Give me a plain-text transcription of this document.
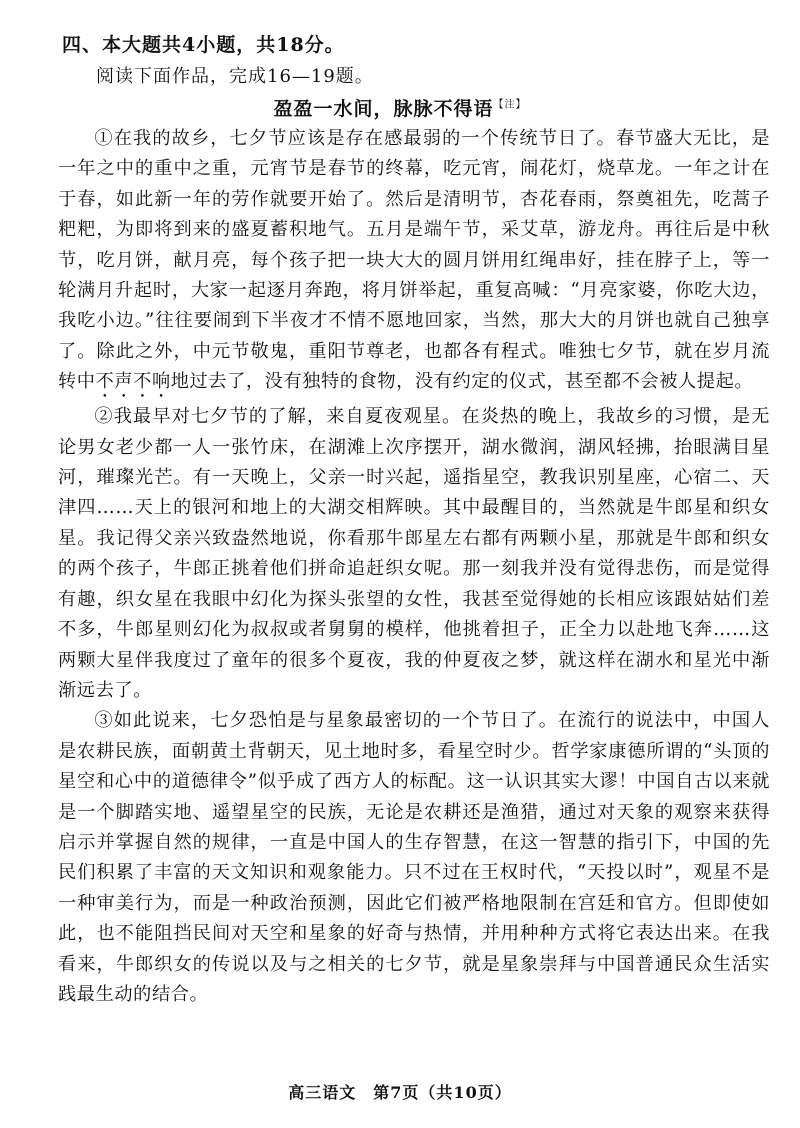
四、本大题共4小题，共18分。
阅读下面作品，完成16—19题。
盈盈一水间，脉脉不得语$^{【注】}$

①在我的故乡，七夕节应该是存在感最弱的一个传统节日了。春节盛大无比，是一年之中的重中之重，元宵节是春节的终幕，吃元宵，闹花灯，烧草龙。一年之计在于春，如此新一年的劳作就要开始了。然后是清明节，杏花春雨，祭奠祖先，吃蒿子粑粑，为即将到来的盛夏蓄积地气。五月是端午节，采艾草，游龙舟。再往后是中秋节，吃月饼，献月亮，每个孩子把一块大大的圆月饼用红绳串好，挂在脖子上，等一轮满月升起时，大家一起逐月奔跑，将月饼举起，重复高喊：“月亮家婆，你吃大边，我吃小边。”往往要闹到下半夜才不情不愿地回家，当然，那大大的月饼也就自己独享了。除此之外，中元节敬鬼，重阳节尊老，也都各有程式。唯独七夕节，就在岁月流转中不声不响地过去了，没有独特的食物，没有约定的仪式，甚至都不会被人提起。

②我最早对七夕节的了解，来自夏夜观星。在炎热的晚上，我故乡的习惯，是无论男女老少都一人一张竹床，在湖滩上次序摆开，湖水微润，湖风轻拂，抬眼满目星河，璀璨光芒。有一天晚上，父亲一时兴起，遥指星空，教我识别星座，心宿二、天津四……天上的银河和地上的大湖交相辉映。其中最醒目的，当然就是牛郎星和织女星。我记得父亲兴致盎然地说，你看那牛郎星左右都有两颗小星，那就是牛郎和织女的两个孩子，牛郎正挑着他们拼命追赶织女呢。那一刻我并没有觉得悲伤，而是觉得有趣，织女星在我眼中幻化为探头张望的女性，我甚至觉得她的长相应该跟姑姑们差不多，牛郎星则幻化为叔叔或者舅舅的模样，他挑着担子，正全力以赴地飞奔……这两颗大星伴我度过了童年的很多个夏夜，我的仲夏夜之梦，就这样在湖水和星光中渐渐远去了。

③如此说来，七夕恐怕是与星象最密切的一个节日了。在流行的说法中，中国人是农耕民族，面朝黄土背朝天，见土地时多，看星空时少。哲学家康德所谓的“头顶的星空和心中的道德律令”似乎成了西方人的标配。这一认识其实大谬！中国自古以来就是一个脚踏实地、遥望星空的民族，无论是农耕还是渔猎，通过对天象的观察来获得启示并掌握自然的规律，一直是中国人的生存智慧，在这一智慧的指引下，中国的先民们积累了丰富的天文知识和观象能力。只不过在王权时代，“天投以时”，观星不是一种审美行为，而是一种政治预测，因此它们被严格地限制在宫廷和官方。但即使如此，也不能阻挡民间对天空和星象的好奇与热情，并用种种方式将它表达出来。在我看来，牛郎织女的传说以及与之相关的七夕节，就是星象崇拜与中国普通民众生活实践最生动的结合。

高三语文　第7页（共10页）
